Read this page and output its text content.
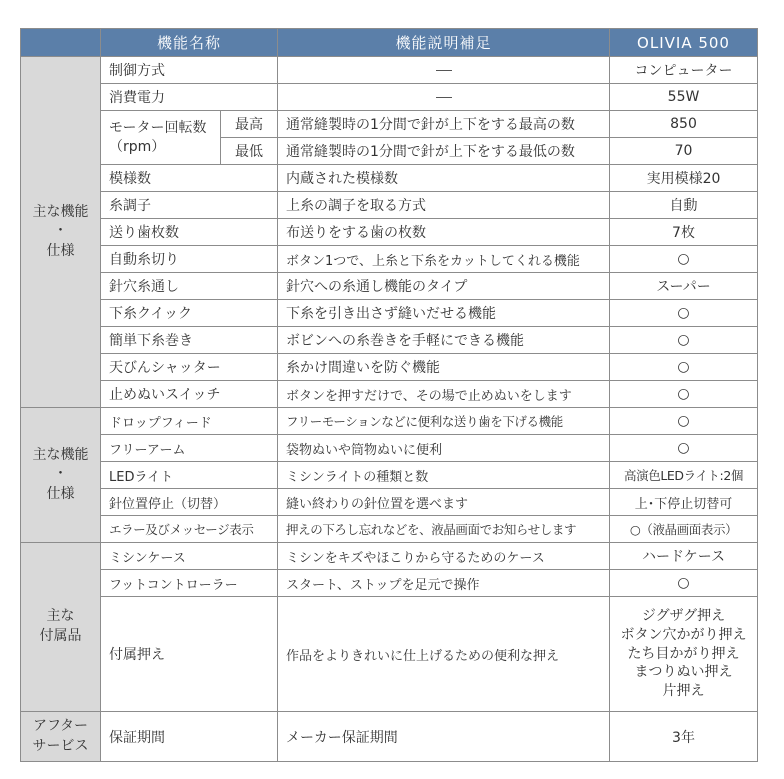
	機能名称		機能説明補足	OLIVIA 500

主な機能
・
仕様	制御方式			コンピューター
	消費電力			55W

	モーター回転数
（rpm）	最高	通常縫製時の1分間で針が上下をする最高の数	850
		最低	通常縫製時の1分間で針が上下をする最低の数	70
	模様数		内蔵された模様数	実用模様20
	糸調子		上糸の調子を取る方式	自動
	送り歯枚数		布送りをする歯の枚数	7枚
	自動糸切り		ボタン1つで、上糸と下糸をカットしてくれる機能	○
	針穴糸通し		針穴への糸通し機能のタイプ	スーパー
	下糸クイック		下糸を引き出さず縫いだせる機能	○
	簡単下糸巻き		ボビンへの糸巻きを手軽にできる機能	○
	天びんシャッター		糸かけ間違いを防ぐ機能	○
	止めぬいスイッチ		ボタンを押すだけで、その場で止めぬいをします	○

主な機能
・
仕様	ドロップフィード		フリーモーションなどに便利な送り歯を下げる機能	○
	フリーアーム		袋物ぬいや筒物ぬいに便利	○
	LEDライト		ミシンライトの種類と数	高演色LEDライト:2個
	針位置停止（切替）		縫い終わりの針位置を選べます	上･下停止切替可
	エラー及びメッセージ表示		押えの下ろし忘れなどを、液晶画面でお知らせします	○（液晶画面表示）

主な
付属品	ミシンケース		ミシンをキズやほこりから守るためのケース	ハードケース
	フットコントローラー		スタート、ストップを足元で操作	○
	付属押え		作品をよりきれいに仕上げるための便利な押え	ジグザグ押え
ボタン穴かがり押え
たち目かがり押え
まつりぬい押え
片押え

アフター
サービス	保証期間		メーカー保証期間	3年
